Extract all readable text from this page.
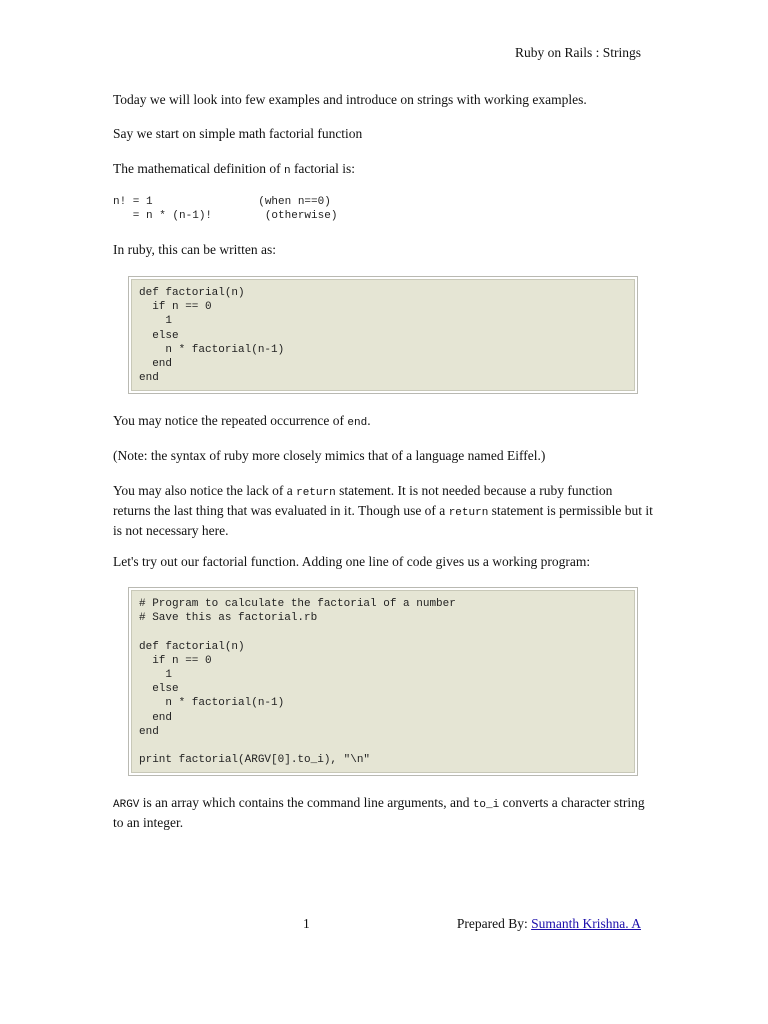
Ruby on Rails : Strings

Today we will look into few examples and introduce on strings with working examples.

Say we start on simple math factorial function

The mathematical definition of n factorial is:

n! = 1                (when n==0)
= n * (n-1)!        (otherwise)

In ruby, this can be written as:

def factorial(n)
if n == 0
1
else
n * factorial(n-1)
end
end

You may notice the repeated occurrence of end.

(Note: the syntax of ruby more closely mimics that of a language named Eiffel.)

You may also notice the lack of a return statement. It is not needed because a ruby function returns the last thing that was evaluated in it. Though use of a return statement is permissible but it is not necessary here.

Let's try out our factorial function. Adding one line of code gives us a working program:

# Program to calculate the factorial of a number
# Save this as factorial.rb

def factorial(n)
if n == 0
1
else
n * factorial(n-1)
end
end

print factorial(ARGV[0].to_i), "\n"

ARGV is an array which contains the command line arguments, and to_i converts a character string to an integer.

1	Prepared By: Sumanth Krishna. A
